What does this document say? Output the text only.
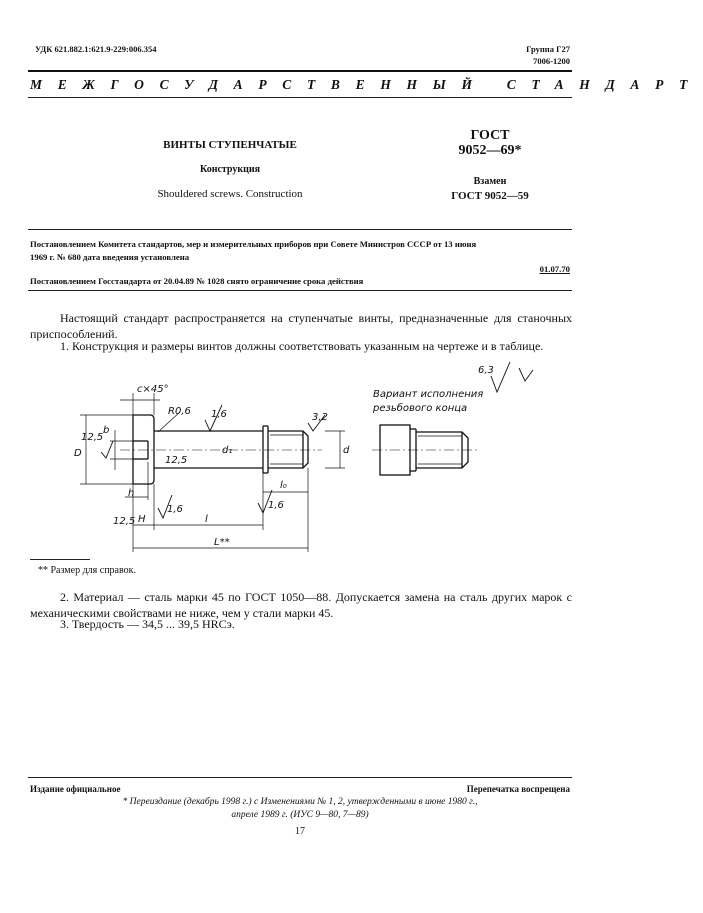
УДК 621.882.1:621.9-229:006.354	Группа Г27
7006-1200
МЕЖГОСУДАРСТВЕННЫЙ СТАНДАРТ
ВИНТЫ СТУПЕНЧАТЫЕ
Конструкция
Shouldered screws. Construction
ГОСТ
9052—69*
Взамен
ГОСТ 9052—59
Постановлением Комитета стандартов, мер и измерительных приборов при Совете Министров СССР от 13 июня
1969 г. № 680 дата введения установлена
01.07.70
Постановлением Госстандарта от 20.04.89 № 1028 снято ограничение срока действия
Настоящий стандарт распространяется на ступенчатые винты, предназначенные для станочных приспособлений.
1. Конструкция и размеры винтов должны соответствовать указанным на чертеже и в таблице.
c×45°
R0,6 1,6	3,2
12,5
b
12,5
D	d₁	d
h
l₀
12,5 H
1,6
l
1,6
L**
6,3
Вариант исполнения
резьбового конца
** Размер для справок.
2. Материал — сталь марки 45 по ГОСТ 1050—88. Допускается замена на сталь других марок с механическими свойствами не ниже, чем у стали марки 45.
3. Твердость — 34,5 ... 39,5 HRCэ.
Издание официальное	Перепечатка воспрещена
* Переиздание (декабрь 1998 г.) с Изменениями № 1, 2, утвержденными в июне 1980 г.,
апреле 1989 г. (ИУС 9—80, 7—89)
17
